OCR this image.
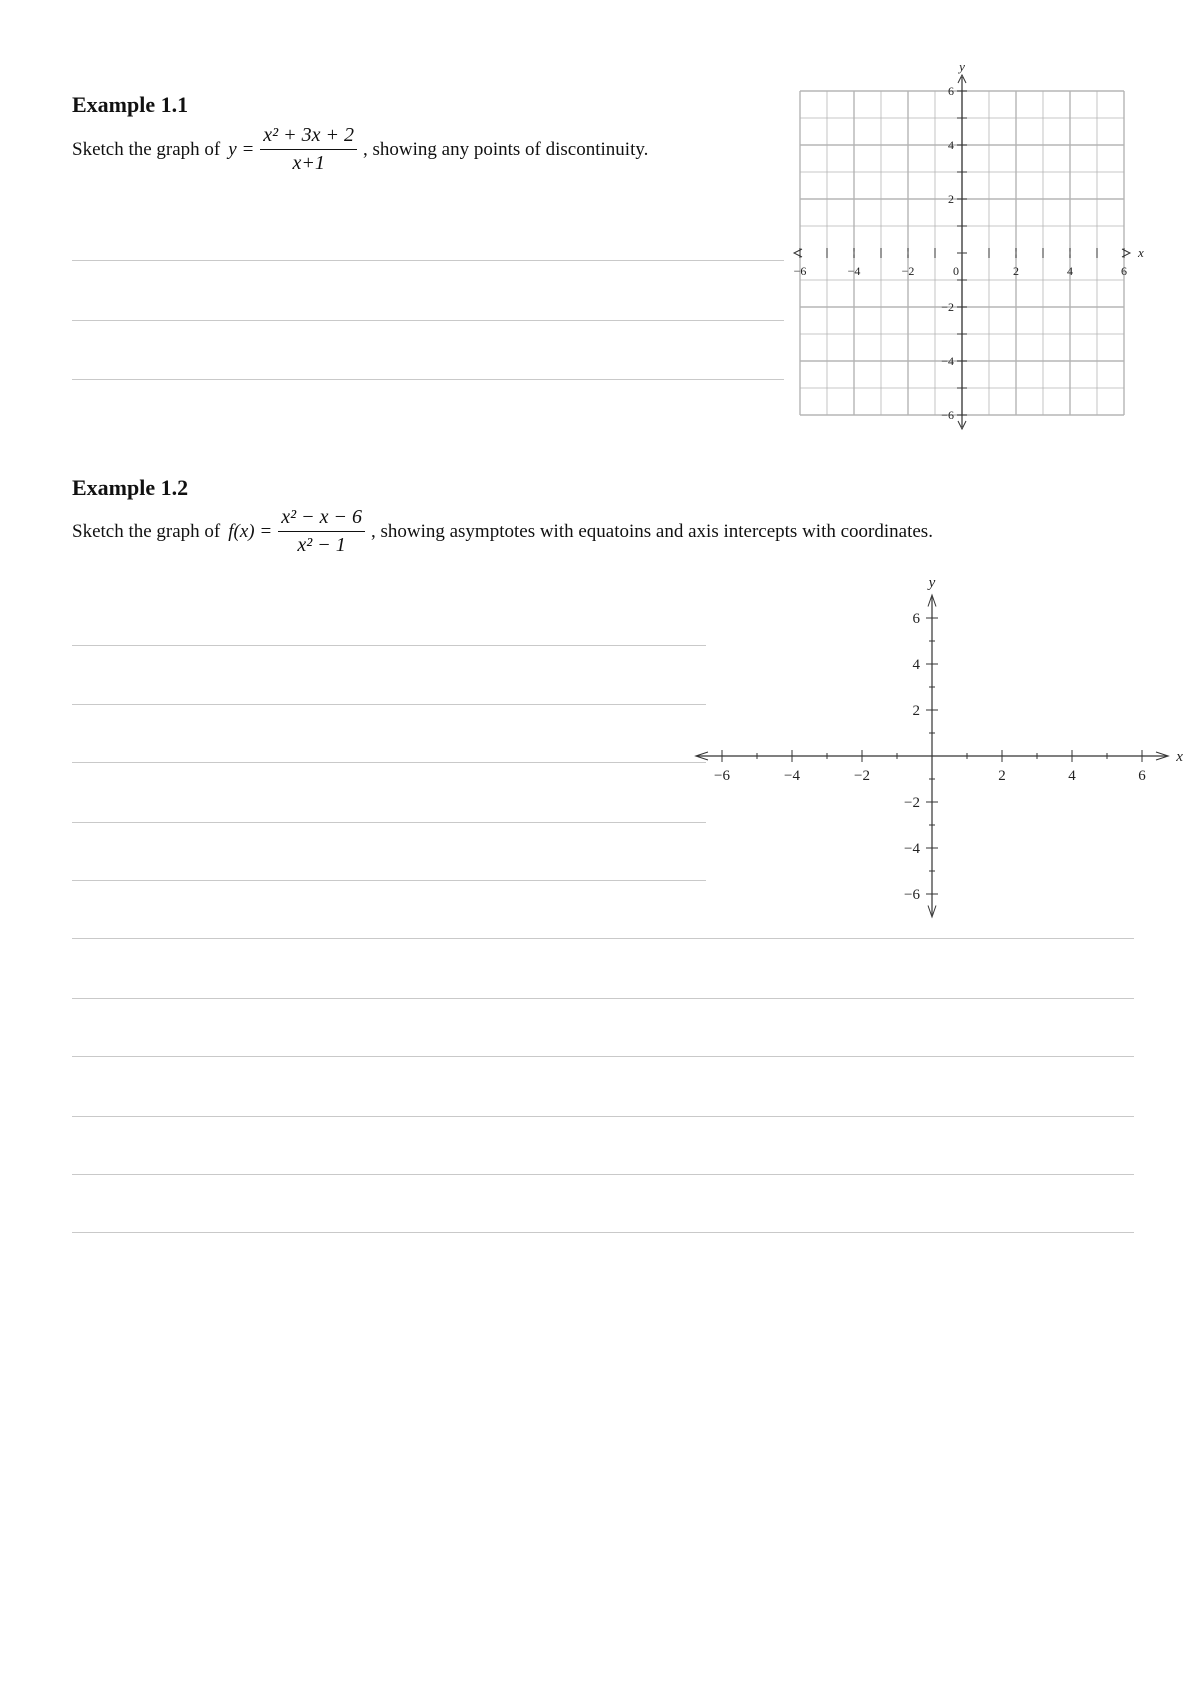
Example 1.1
Sketch the graph of $y = \frac{\text{x² + 3x + 2}}{x+1}$ , showing any points of discontinuity.
−6	−4	−2	0	2	4	6
6
4
2
−2
−4
−6
x
y
Example 1.2
Sketch the graph of $f(x) = \frac{\text{x² − x − 6}}{\text{x² − 1}}$ , showing asymptotes with equatoins and axis intercepts with coordinates.
−6	−4	−2	2	4	6
6
4
2
−2
−4
−6
x
y
